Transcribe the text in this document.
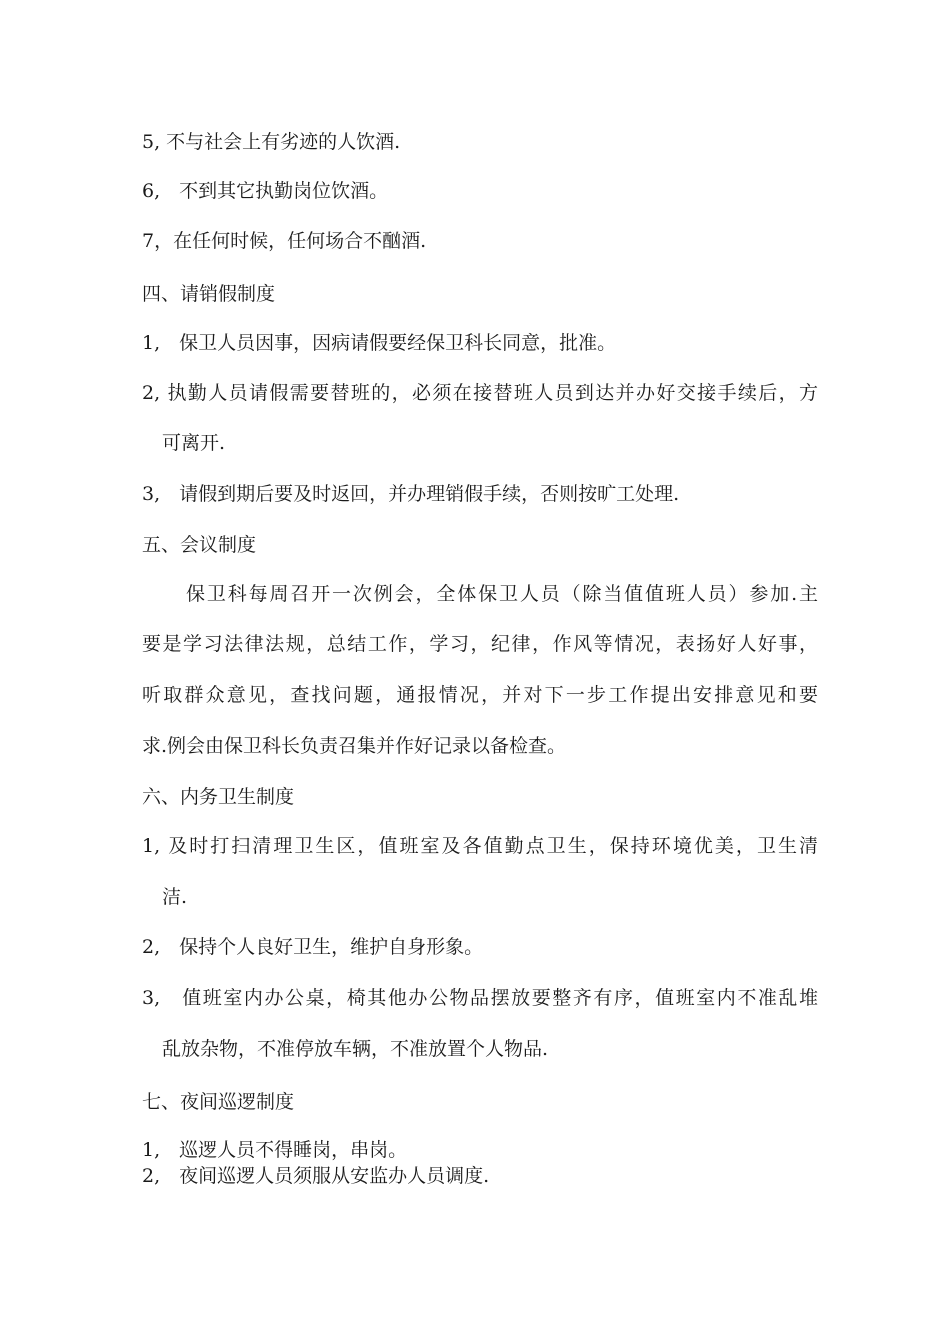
5, 不与社会上有劣迹的人饮酒.
6,　不到其它执勤岗位饮酒。
7，在任何时候，任何场合不酗酒.
四、请销假制度
1,　保卫人员因事，因病请假要经保卫科长同意，批准。
2, 执勤人员请假需要替班的，必须在接替班人员到达并办好交接手续后，方
可离开.
3,　请假到期后要及时返回，并办理销假手续，否则按旷工处理.
五、会议制度
保卫科每周召开一次例会，全体保卫人员（除当值值班人员）参加.主
要是学习法律法规，总结工作，学习，纪律，作风等情况，表扬好人好事，
听取群众意见，查找问题，通报情况，并对下一步工作提出安排意见和要
求.例会由保卫科长负责召集并作好记录以备检查。
六、内务卫生制度
1, 及时打扫清理卫生区，值班室及各值勤点卫生，保持环境优美，卫生清
洁.
2,　保持个人良好卫生，维护自身形象。
3,　值班室内办公桌，椅其他办公物品摆放要整齐有序，值班室内不准乱堆
乱放杂物，不准停放车辆，不准放置个人物品.
七、夜间巡逻制度
1,　巡逻人员不得睡岗，串岗。
2,　夜间巡逻人员须服从安监办人员调度.
